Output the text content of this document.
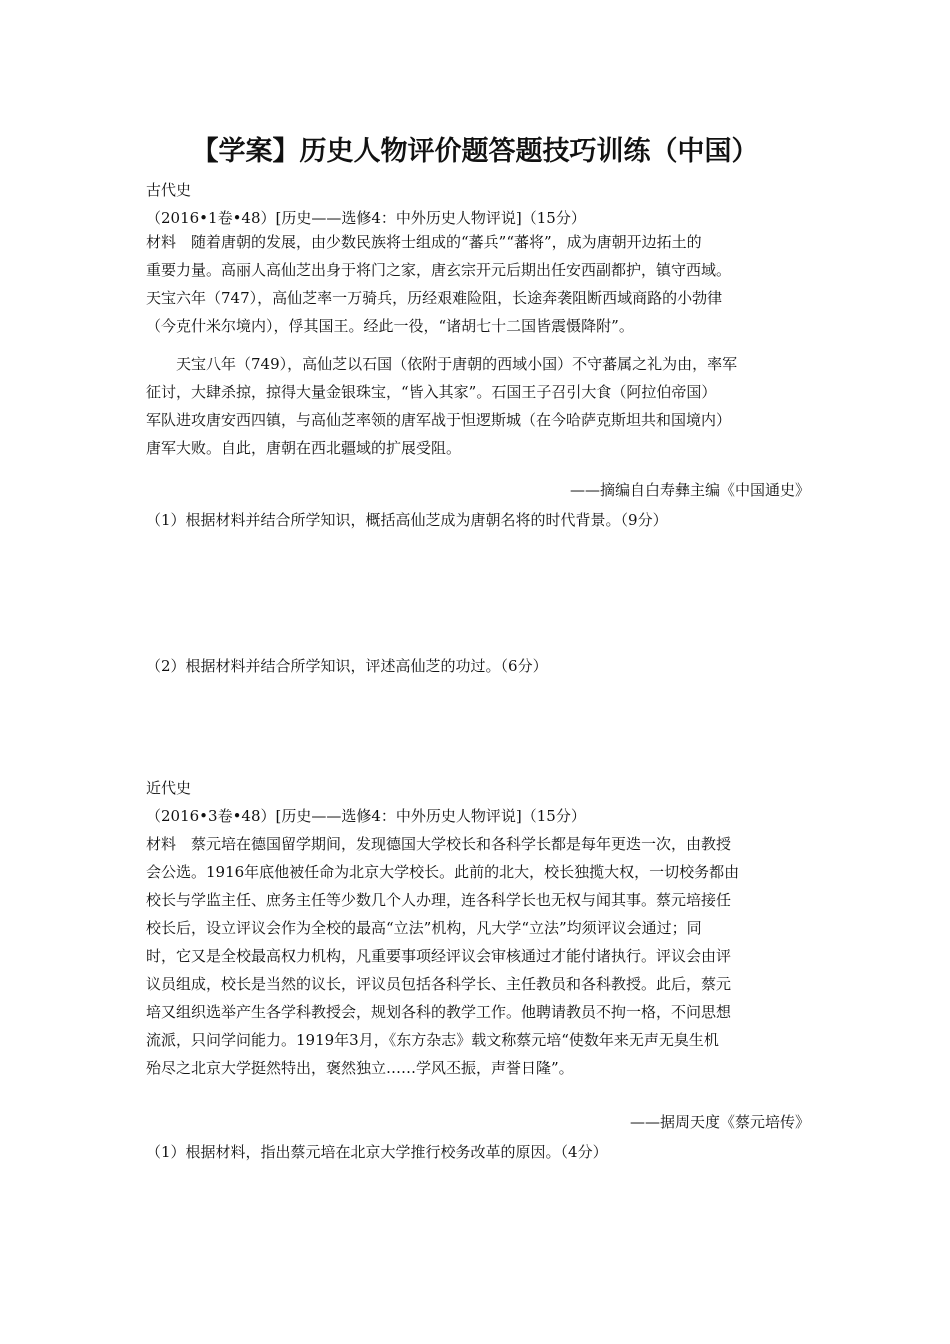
【学案】历史人物评价题答题技巧训练（中国）
古代史
（2016•1卷•48）[历史——选修4：中外历史人物评说]（15分）
材料　随着唐朝的发展，由少数民族将士组成的“蕃兵”“蕃将”，成为唐朝开边拓土的
重要力量。高丽人高仙芝出身于将门之家，唐玄宗开元后期出任安西副都护，镇守西域。
天宝六年（747），高仙芝率一万骑兵，历经艰难险阻，长途奔袭阻断西域商路的小勃律
（今克什米尔境内），俘其国王。经此一役，“诸胡七十二国皆震慑降附”。
天宝八年（749），高仙芝以石国（依附于唐朝的西域小国）不守蕃属之礼为由，率军
征讨，大肆杀掠，掠得大量金银珠宝，“皆入其家”。石国王子召引大食（阿拉伯帝国）
军队进攻唐安西四镇，与高仙芝率领的唐军战于怛逻斯城（在今哈萨克斯坦共和国境内）
唐军大败。自此，唐朝在西北疆域的扩展受阻。
——摘编自白寿彝主编《中国通史》
（1）根据材料并结合所学知识，概括高仙芝成为唐朝名将的时代背景。（9分）
（2）根据材料并结合所学知识，评述高仙芝的功过。（6分）
近代史
（2016•3卷•48）[历史——选修4：中外历史人物评说]（15分）
材料　蔡元培在德国留学期间，发现德国大学校长和各科学长都是每年更迭一次，由教授
会公选。1916年底他被任命为北京大学校长。此前的北大，校长独揽大权，一切校务都由
校长与学监主任、庶务主任等少数几个人办理，连各科学长也无权与闻其事。蔡元培接任
校长后，设立评议会作为全校的最高“立法”机构，凡大学“立法”均须评议会通过；同
时，它又是全校最高权力机构，凡重要事项经评议会审核通过才能付诸执行。评议会由评
议员组成，校长是当然的议长，评议员包括各科学长、主任教员和各科教授。此后，蔡元
培又组织选举产生各学科教授会，规划各科的教学工作。他聘请教员不拘一格，不问思想
流派，只问学问能力。1919年3月，《东方杂志》载文称蔡元培“使数年来无声无臭生机
殆尽之北京大学挺然特出，褒然独立……学风丕振，声誉日隆”。
——据周天度《蔡元培传》
（1）根据材料，指出蔡元培在北京大学推行校务改革的原因。（4分）
